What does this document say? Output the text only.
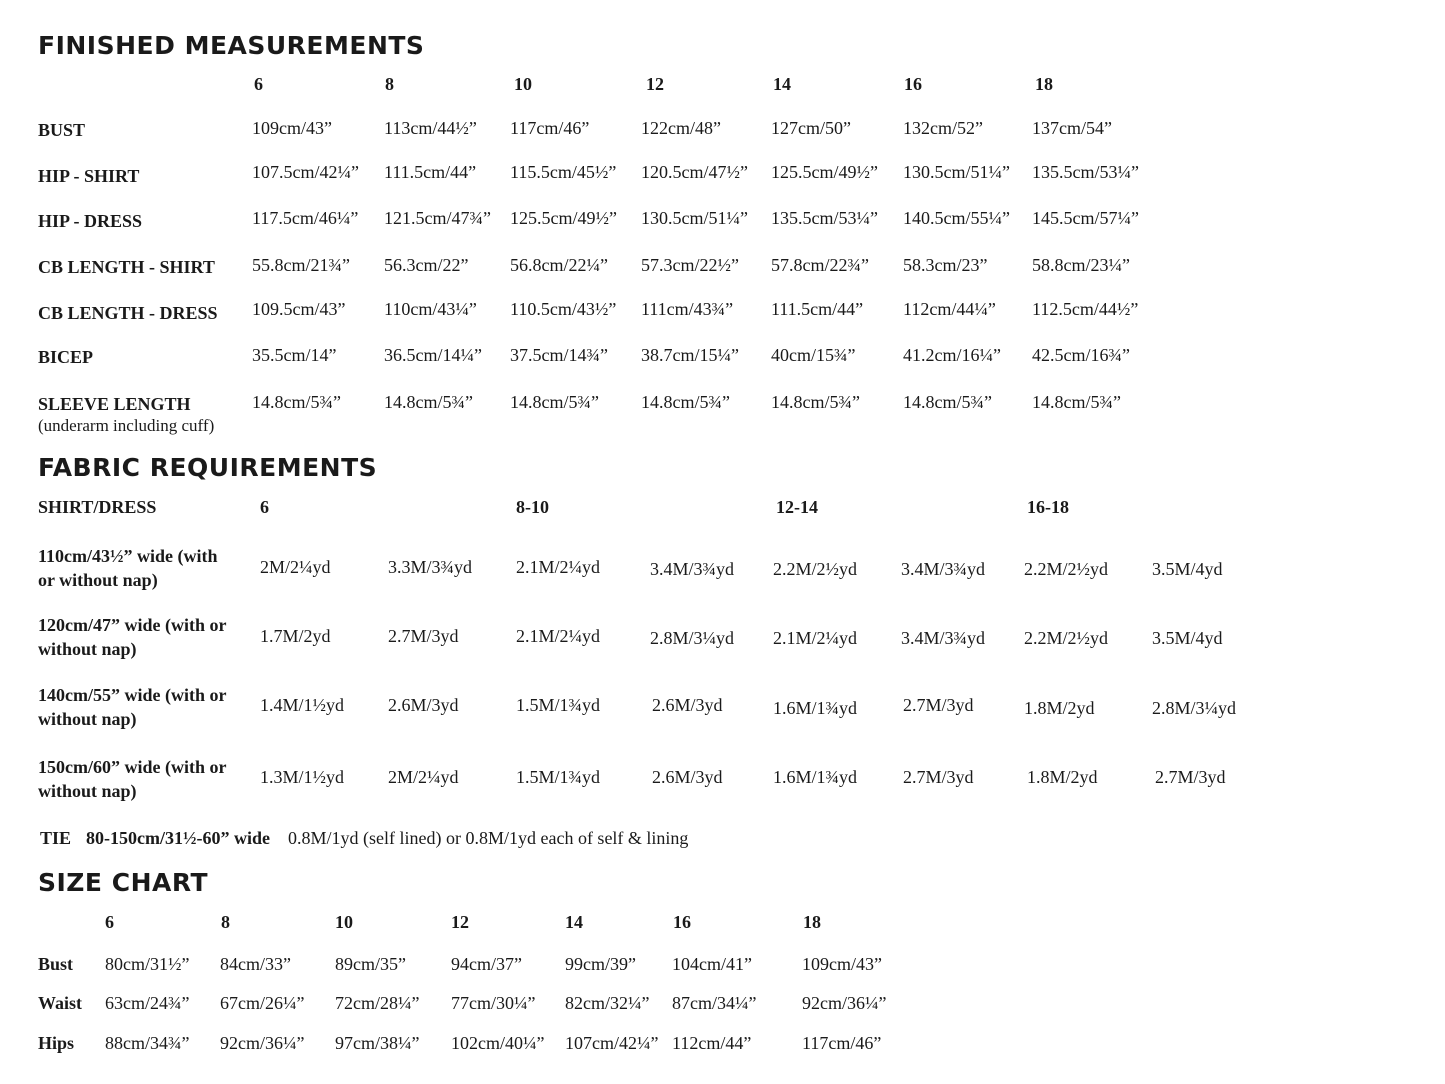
FINISHED MEASUREMENTS
6	8	10	12	14	16	18
BUST	109cm/43”	113cm/44½” 117cm/46”	122cm/48”	127cm/50”	132cm/52”	137cm/54”
HIP - SHIRT	107.5cm/42¼” 111.5cm/44” 115.5cm/45½” 120.5cm/47½” 125.5cm/49½” 130.5cm/51¼” 135.5cm/53¼”
HIP - DRESS	117.5cm/46¼” 121.5cm/47¾” 125.5cm/49½” 130.5cm/51¼” 135.5cm/53¼” 140.5cm/55¼” 145.5cm/57¼”
CB LENGTH - SHIRT 55.8cm/21¾” 56.3cm/22” 56.8cm/22¼” 57.3cm/22½” 57.8cm/22¾” 58.3cm/23” 58.8cm/23¼”
CB LENGTH - DRESS 109.5cm/43” 110cm/43¼” 110.5cm/43½” 111cm/43¾” 111.5cm/44” 112cm/44¼” 112.5cm/44½”
BICEP	35.5cm/14”	36.5cm/14¼” 37.5cm/14¾” 38.7cm/15¼” 40cm/15¾”	41.2cm/16¼” 42.5cm/16¾”
SLEEVE LENGTH
(underarm including cuff)
14.8cm/5¾” 14.8cm/5¾” 14.8cm/5¾” 14.8cm/5¾” 14.8cm/5¾” 14.8cm/5¾” 14.8cm/5¾”
FABRIC REQUIREMENTS
SHIRT/DRESS	6	8-10	12-14	16-18
110cm/43½” wide (with or without nap)
2M/2¼yd	3.3M/3¾yd 2.1M/2¼yd	3.4M/3¾yd 2.2M/2½yd 3.4M/3¾yd 2.2M/2½yd 3.5M/4yd
120cm/47” wide (with or without nap)
1.7M/2yd	2.7M/3yd	2.1M/2¼yd	2.8M/3¼yd 2.1M/2¼yd 3.4M/3¾yd 2.2M/2½yd 3.5M/4yd
140cm/55” wide (with or without nap)
1.4M/1½yd 2.6M/3yd	1.5M/1¾yd	2.6M/3yd	1.6M/1¾yd	2.7M/3yd	1.8M/2yd	2.8M/3¼yd
150cm/60” wide (with or without nap)
1.3M/1½yd 2M/2¼yd	1.5M/1¾yd	2.6M/3yd	1.6M/1¾yd	2.7M/3yd	1.8M/2yd	2.7M/3yd
TIE 80-150cm/31½-60” wide 0.8M/1yd (self lined) or 0.8M/1yd each of self & lining
SIZE CHART
6	8	10	12	14	16	18
Bust 80cm/31½” 84cm/33” 89cm/35”	94cm/37” 99cm/39” 104cm/41”	109cm/43”
Waist 63cm/24¾” 67cm/26¼” 72cm/28¼” 77cm/30¼” 82cm/32¼” 87cm/34¼”	92cm/36¼”
Hips 88cm/34¾” 92cm/36¼” 97cm/38¼” 102cm/40¼” 107cm/42¼” 112cm/44”	117cm/46”
